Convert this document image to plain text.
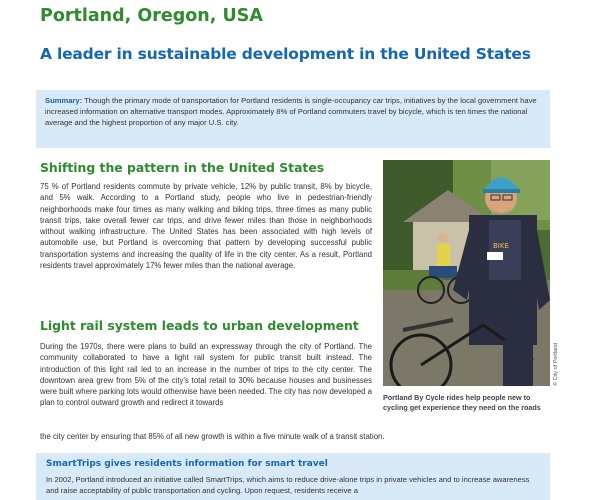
Portland, Oregon, USA
A leader in sustainable development in the United States
Summary: Though the primary mode of transportation for Portland residents is single-occupancy car trips, initiatives by the local government have increased information on alternative transport modes. Approximately 8% of Portland commuters travel by bicycle, which is ten times the national average and the highest proportion of any major U.S. city.
Shifting the pattern in the United States
75 % of Portland residents commute by private vehicle, 12% by public transit, 8% by bicycle, and 5% walk. According to a Portland study, people who live in pedestrian-friendly neighborhoods make four times as many walking and biking trips, three times as many public transit trips, take overall fewer car trips, and drive fewer miles than those in neighborhoods without walking infrastructure. The United States has been associated with high levels of automobile use, but Portland is overcoming that pattern by developing successful public transportation systems and increasing the quality of life in the city center. As a result, Portland residents travel approximately 17% fewer miles than the national average.
Light rail system leads to urban development
During the 1970s, there were plans to build an expressway through the city of Portland. The community collaborated to have a light rail system for public transit built instead. The introduction of this light rail led to an increase in the number of trips to the city center. The downtown area grew from 5% of the city's total retail to 30% because houses and businesses were built where parking lots would otherwise have been needed. The city has now developed a plan to control outward growth and redirect it towards
the city center by ensuring that 85% of all new growth is within a five minute walk of a transit station.
BIKE
© City of Portland
Portland By Cycle rides help people new to cycling get experience they need on the roads
SmartTrips gives residents information for smart travel
In 2002, Portland introduced an initiative called SmartTrips, which aims to reduce drive-alone trips in private vehicles and to increase awareness and raise acceptability of public transportation and cycling. Upon request, residents receive a
